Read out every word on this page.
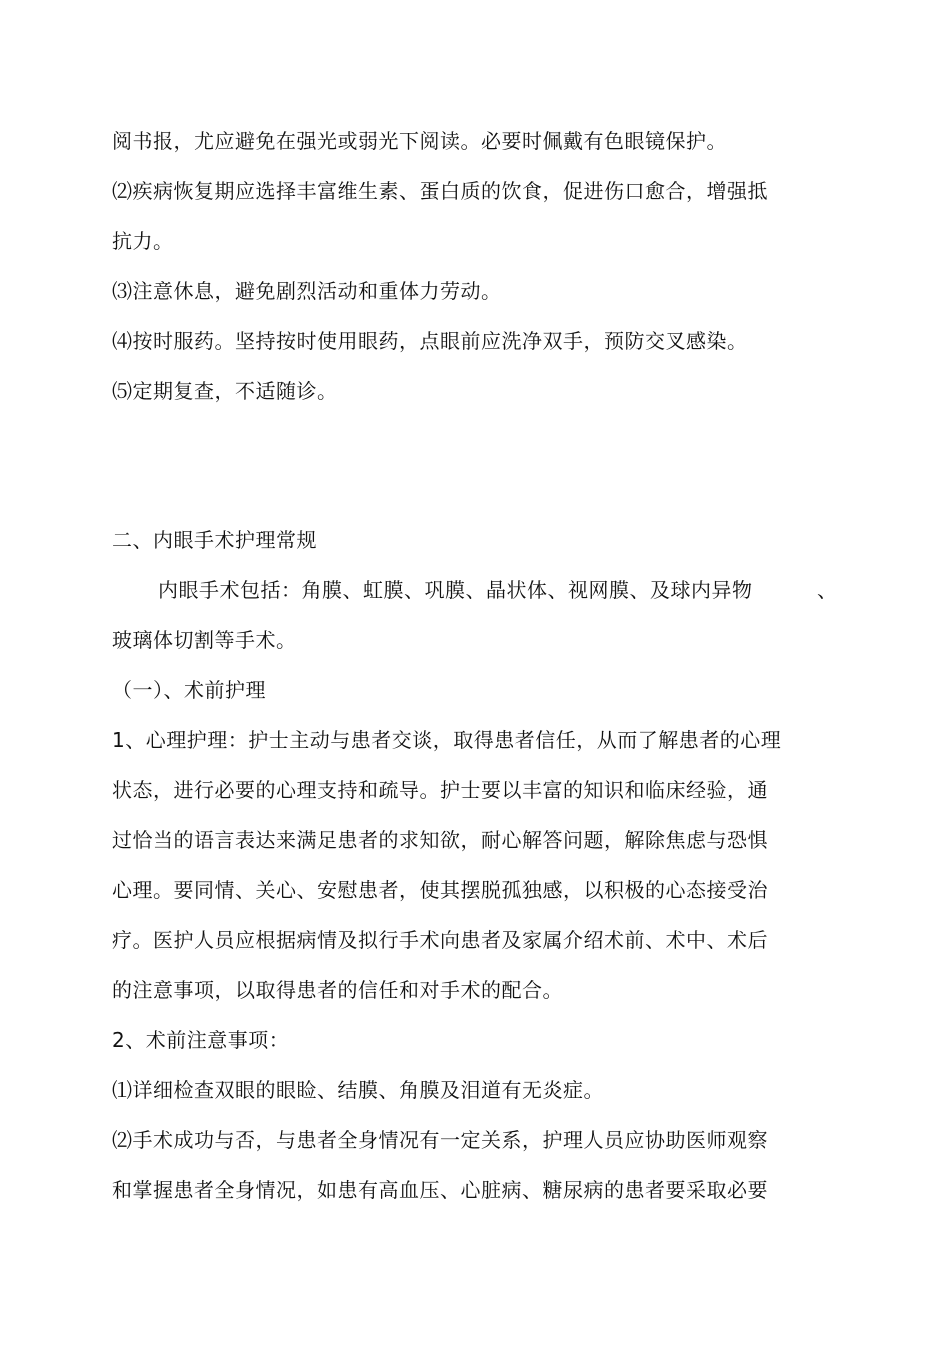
阅书报，尤应避免在强光或弱光下阅读。必要时佩戴有色眼镜保护。
⑵疾病恢复期应选择丰富维生素、蛋白质的饮食，促进伤口愈合，增强抵
抗力。
⑶注意休息，避免剧烈活动和重体力劳动。
⑷按时服药。坚持按时使用眼药，点眼前应洗净双手，预防交叉感染。
⑸定期复查，不适随诊。
二、内眼手术护理常规
内眼手术包括：角膜、虹膜、巩膜、晶状体、视网膜、及球内异物	、
玻璃体切割等手术。
（一）、术前护理
1、心理护理：护士主动与患者交谈，取得患者信任，从而了解患者的心理
状态，进行必要的心理支持和疏导。护士要以丰富的知识和临床经验，通
过恰当的语言表达来满足患者的求知欲，耐心解答问题，解除焦虑与恐惧
心理。要同情、关心、安慰患者，使其摆脱孤独感，以积极的心态接受治
疗。医护人员应根据病情及拟行手术向患者及家属介绍术前、术中、术后
的注意事项，以取得患者的信任和对手术的配合。
2、术前注意事项：
⑴详细检查双眼的眼睑、结膜、角膜及泪道有无炎症。
⑵手术成功与否，与患者全身情况有一定关系，护理人员应协助医师观察
和掌握患者全身情况，如患有高血压、心脏病、糖尿病的患者要采取必要
